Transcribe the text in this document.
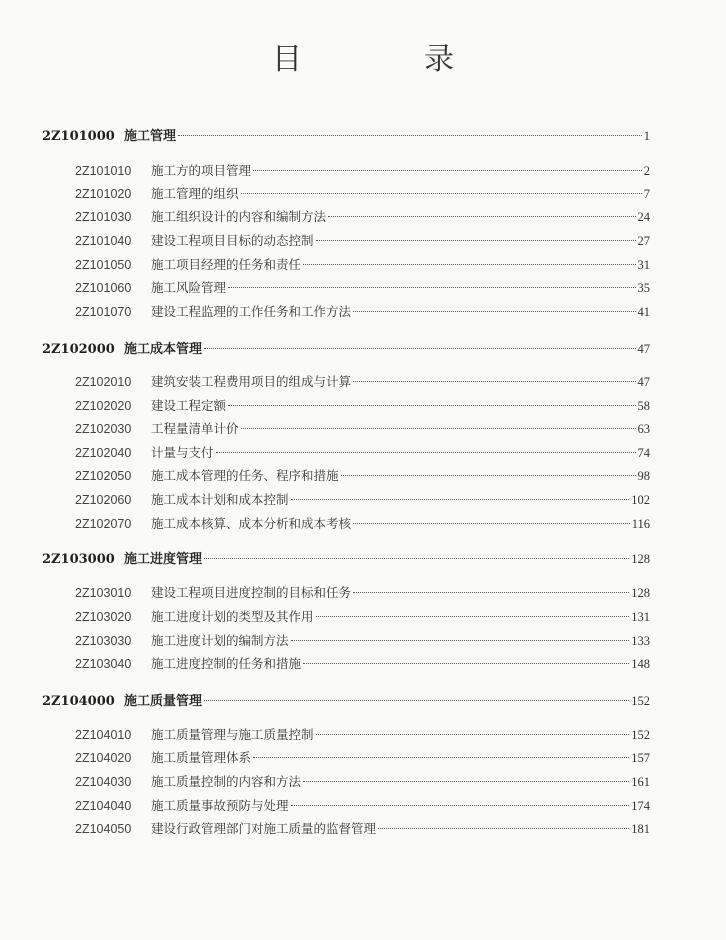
目　录
2Z101000 施工管理	1
2Z101010	施工方的项目管理	2
2Z101020	施工管理的组织	7
2Z101030	施工组织设计的内容和编制方法	24
2Z101040	建设工程项目目标的动态控制	27
2Z101050	施工项目经理的任务和责任	31
2Z101060	施工风险管理	35
2Z101070	建设工程监理的工作任务和工作方法	41
2Z102000 施工成本管理	47
2Z102010	建筑安装工程费用项目的组成与计算	47
2Z102020	建设工程定额	58
2Z102030	工程量清单计价	63
2Z102040	计量与支付	74
2Z102050	施工成本管理的任务、程序和措施	98
2Z102060	施工成本计划和成本控制	102
2Z102070	施工成本核算、成本分析和成本考核	116
2Z103000 施工进度管理	128
2Z103010	建设工程项目进度控制的目标和任务	128
2Z103020	施工进度计划的类型及其作用	131
2Z103030	施工进度计划的编制方法	133
2Z103040	施工进度控制的任务和措施	148
2Z104000 施工质量管理	152
2Z104010	施工质量管理与施工质量控制	152
2Z104020	施工质量管理体系	157
2Z104030	施工质量控制的内容和方法	161
2Z104040	施工质量事故预防与处理	174
2Z104050	建设行政管理部门对施工质量的监督管理	181
